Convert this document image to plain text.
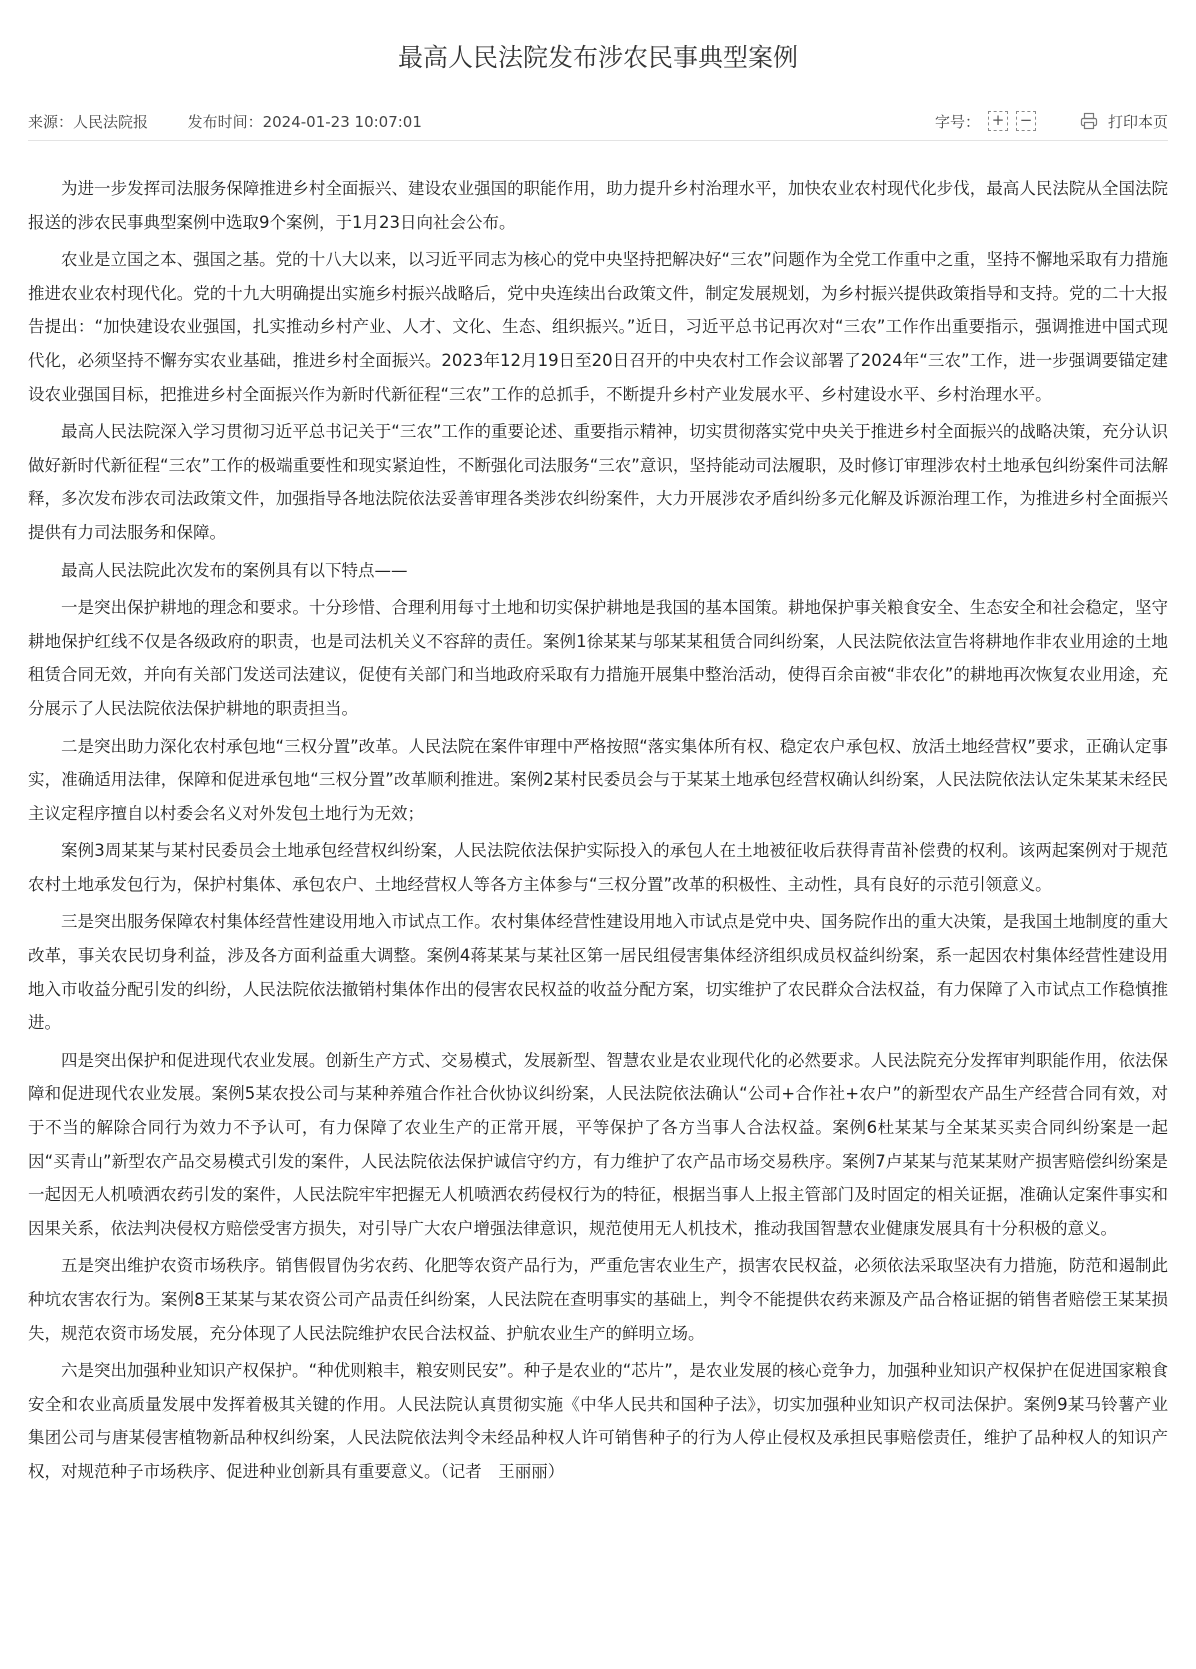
最高人民法院发布涉农民事典型案例
来源：人民法院报	发布时间：2024-01-23 10:07:01	字号： + −	打印本页

为进一步发挥司法服务保障推进乡村全面振兴、建设农业强国的职能作用，助力提升乡村治理水平，加快农业农村现代化步伐，最高人民法院从全国法院报送的涉农民事典型案例中选取9个案例，于1月23日向社会公布。

农业是立国之本、强国之基。党的十八大以来，以习近平同志为核心的党中央坚持把解决好“三农”问题作为全党工作重中之重，坚持不懈地采取有力措施推进农业农村现代化。党的十九大明确提出实施乡村振兴战略后，党中央连续出台政策文件，制定发展规划，为乡村振兴提供政策指导和支持。党的二十大报告提出：“加快建设农业强国，扎实推动乡村产业、人才、文化、生态、组织振兴。”近日，习近平总书记再次对“三农”工作作出重要指示，强调推进中国式现代化，必须坚持不懈夯实农业基础，推进乡村全面振兴。2023年12月19日至20日召开的中央农村工作会议部署了2024年“三农”工作，进一步强调要锚定建设农业强国目标，把推进乡村全面振兴作为新时代新征程“三农”工作的总抓手，不断提升乡村产业发展水平、乡村建设水平、乡村治理水平。

最高人民法院深入学习贯彻习近平总书记关于“三农”工作的重要论述、重要指示精神，切实贯彻落实党中央关于推进乡村全面振兴的战略决策，充分认识做好新时代新征程“三农”工作的极端重要性和现实紧迫性，不断强化司法服务“三农”意识，坚持能动司法履职，及时修订审理涉农村土地承包纠纷案件司法解释，多次发布涉农司法政策文件，加强指导各地法院依法妥善审理各类涉农纠纷案件，大力开展涉农矛盾纠纷多元化解及诉源治理工作，为推进乡村全面振兴提供有力司法服务和保障。

最高人民法院此次发布的案例具有以下特点——

一是突出保护耕地的理念和要求。十分珍惜、合理利用每寸土地和切实保护耕地是我国的基本国策。耕地保护事关粮食安全、生态安全和社会稳定，坚守耕地保护红线不仅是各级政府的职责，也是司法机关义不容辞的责任。案例1徐某某与邬某某租赁合同纠纷案，人民法院依法宣告将耕地作非农业用途的土地租赁合同无效，并向有关部门发送司法建议，促使有关部门和当地政府采取有力措施开展集中整治活动，使得百余亩被“非农化”的耕地再次恢复农业用途，充分展示了人民法院依法保护耕地的职责担当。

二是突出助力深化农村承包地“三权分置”改革。人民法院在案件审理中严格按照“落实集体所有权、稳定农户承包权、放活土地经营权”要求，正确认定事实，准确适用法律，保障和促进承包地“三权分置”改革顺利推进。案例2某村民委员会与于某某土地承包经营权确认纠纷案，人民法院依法认定朱某某未经民主议定程序擅自以村委会名义对外发包土地行为无效；

案例3周某某与某村民委员会土地承包经营权纠纷案，人民法院依法保护实际投入的承包人在土地被征收后获得青苗补偿费的权利。该两起案例对于规范农村土地承发包行为，保护村集体、承包农户、土地经营权人等各方主体参与“三权分置”改革的积极性、主动性，具有良好的示范引领意义。

三是突出服务保障农村集体经营性建设用地入市试点工作。农村集体经营性建设用地入市试点是党中央、国务院作出的重大决策，是我国土地制度的重大改革，事关农民切身利益，涉及各方面利益重大调整。案例4蒋某某与某社区第一居民组侵害集体经济组织成员权益纠纷案，系一起因农村集体经营性建设用地入市收益分配引发的纠纷，人民法院依法撤销村集体作出的侵害农民权益的收益分配方案，切实维护了农民群众合法权益，有力保障了入市试点工作稳慎推进。

四是突出保护和促进现代农业发展。创新生产方式、交易模式，发展新型、智慧农业是农业现代化的必然要求。人民法院充分发挥审判职能作用，依法保障和促进现代农业发展。案例5某农投公司与某种养殖合作社合伙协议纠纷案，人民法院依法确认“公司+合作社+农户”的新型农产品生产经营合同有效，对于不当的解除合同行为效力不予认可，有力保障了农业生产的正常开展，平等保护了各方当事人合法权益。案例6杜某某与全某某买卖合同纠纷案是一起因“买青山”新型农产品交易模式引发的案件，人民法院依法保护诚信守约方，有力维护了农产品市场交易秩序。案例7卢某某与范某某财产损害赔偿纠纷案是一起因无人机喷洒农药引发的案件，人民法院牢牢把握无人机喷洒农药侵权行为的特征，根据当事人上报主管部门及时固定的相关证据，准确认定案件事实和因果关系，依法判决侵权方赔偿受害方损失，对引导广大农户增强法律意识，规范使用无人机技术，推动我国智慧农业健康发展具有十分积极的意义。

五是突出维护农资市场秩序。销售假冒伪劣农药、化肥等农资产品行为，严重危害农业生产，损害农民权益，必须依法采取坚决有力措施，防范和遏制此种坑农害农行为。案例8王某某与某农资公司产品责任纠纷案，人民法院在查明事实的基础上，判令不能提供农药来源及产品合格证据的销售者赔偿王某某损失，规范农资市场发展，充分体现了人民法院维护农民合法权益、护航农业生产的鲜明立场。

六是突出加强种业知识产权保护。“种优则粮丰，粮安则民安”。种子是农业的“芯片”，是农业发展的核心竞争力，加强种业知识产权保护在促进国家粮食安全和农业高质量发展中发挥着极其关键的作用。人民法院认真贯彻实施《中华人民共和国种子法》，切实加强种业知识产权司法保护。案例9某马铃薯产业集团公司与唐某侵害植物新品种权纠纷案，人民法院依法判令未经品种权人许可销售种子的行为人停止侵权及承担民事赔偿责任，维护了品种权人的知识产权，对规范种子市场秩序、促进种业创新具有重要意义。（记者　王丽丽）
